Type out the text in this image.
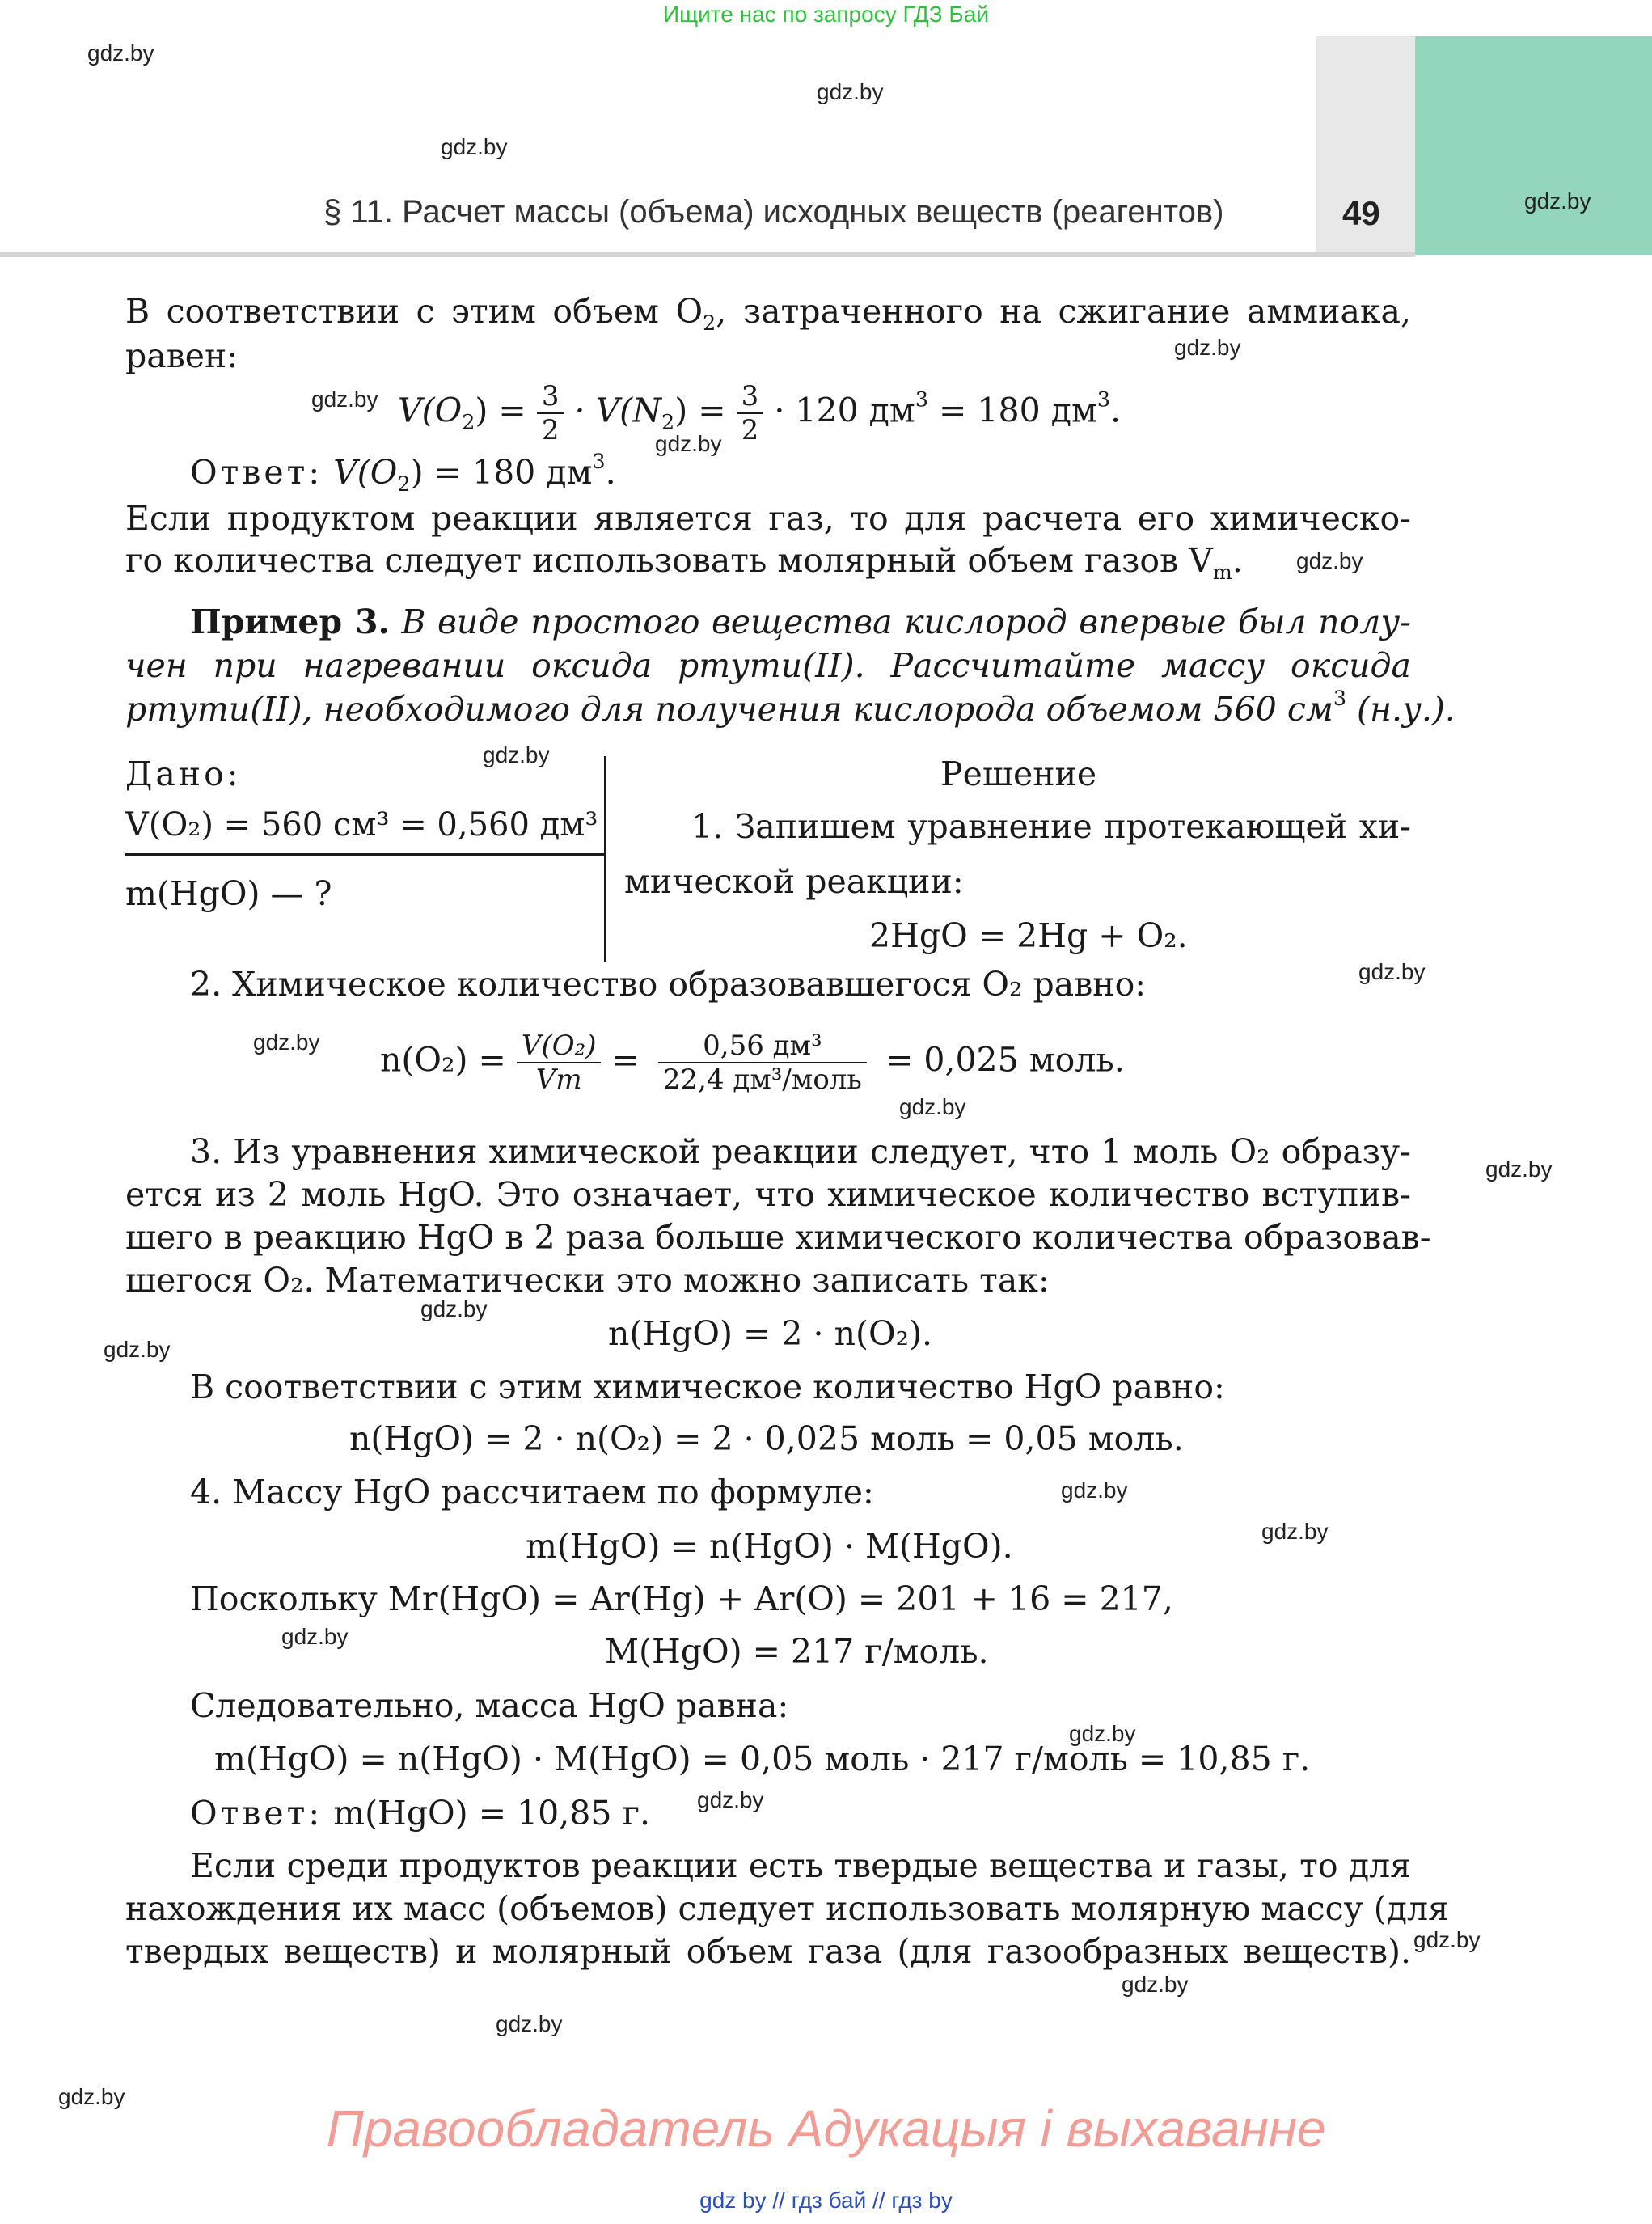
Ищите нас по запросу ГДЗ Бай
§ 11. Расчет массы (объема) исходных веществ (реагентов)	49
gdz.by
gdz.by
gdz.by
gdz.by
gdz.by
gdz.by
gdz.by
gdz.by
gdz.by
gdz.by
gdz.by
gdz.by
gdz.by
gdz.by
gdz.by
gdz.by
gdz.by
gdz.by
gdz.by
gdz.by
gdz.by
gdz.by
gdz.by
gdz.by
В соответствии с этим объем $O_2$, затраченного на сжигание аммиака,
равен:
$V(O_2) = \frac{3}{2} \cdot V(N_2) = \frac{3}{2} \cdot 120$ $дм^3 = 180$ $дм^3$.
Ответ: $V(O_2) = 180$ $дм^3$.
Если продуктом реакции является газ, то для расчета его химическо-
го количества следует использовать молярный объем газов $V_m$.
Пример 3. В виде простого вещества кислород впервые был полу-
чен при нагревании оксида ртути(II). Рассчитайте массу оксида
ртути(II), необходимого для получения кислорода объемом 560 $см^3$ (н.у.).
Дано:
V(O₂) = 560 см³ = 0,560 дм³
m(HgO) — ?
Решение
1. Запишем уравнение протекающей хи-
мической реакции:
2HgO = 2Hg + O₂.
2. Химическое количество образовавшегося O₂ равно:
$n(O_2) = \frac{\text{V(O₂)}}{Vm} = \frac{\text{0,56 дм³}}{\text{22,4 дм³/моль}} = 0,025$ моль.
3. Из уравнения химической реакции следует, что 1 моль O₂ образу-
ется из 2 моль HgO. Это означает, что химическое количество вступив-
шего в реакцию HgO в 2 раза больше химического количества образовав-
шегося O₂. Математически это можно записать так:
n(HgO) = 2 · n(O₂).
В соответствии с этим химическое количество HgO равно:
n(HgO) = 2 · n(O₂) = 2 · 0,025 моль = 0,05 моль.
4. Массу HgO рассчитаем по формуле:
m(HgO) = n(HgO) · M(HgO).
Поскольку Mr(HgO) = Ar(Hg) + Ar(O) = 201 + 16 = 217,
M(HgO) = 217 г/моль.
Следовательно, масса HgO равна:
m(HgO) = n(HgO) · M(HgO) = 0,05 моль · 217 г/моль = 10,85 г.
Ответ: m(HgO) = 10,85 г.
Если среди продуктов реакции есть твердые вещества и газы, то для
нахождения их масс (объемов) следует использовать молярную массу (для
твердых веществ) и молярный объем газа (для газообразных веществ).
Правообладатель Адукацыя і выхаванне
gdz by // гдз бай // гдз by
